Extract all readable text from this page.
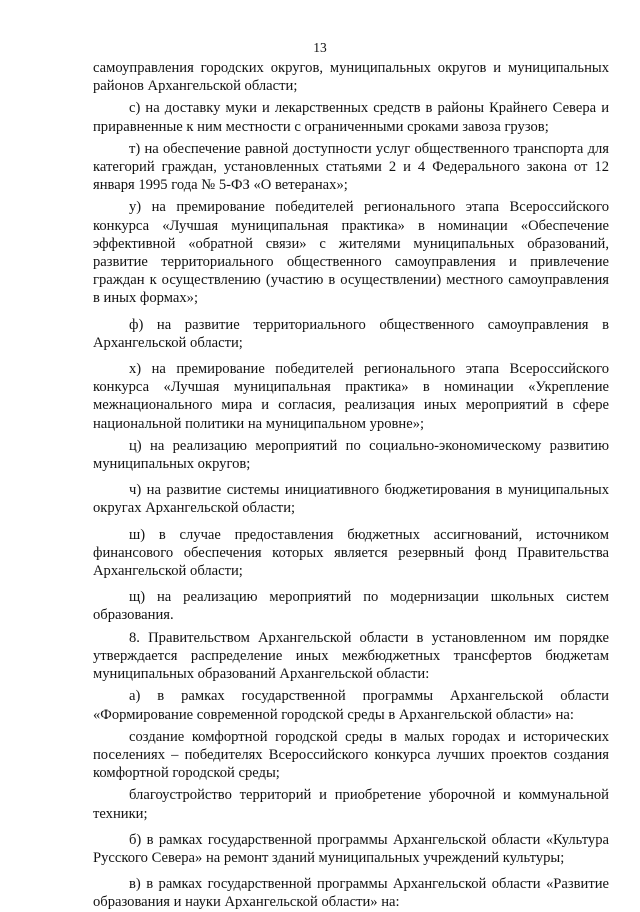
13

самоуправления городских округов, муниципальных округов и муниципальных районов Архангельской области;

с) на доставку муки и лекарственных средств в районы Крайнего Севера и приравненные к ним местности с ограниченными сроками завоза грузов;

т) на обеспечение равной доступности услуг общественного транспорта для категорий граждан, установленных статьями 2 и 4 Федерального закона от 12 января 1995 года № 5-ФЗ «О ветеранах»;

у) на премирование победителей регионального этапа Всероссийского конкурса «Лучшая муниципальная практика» в номинации «Обеспечение эффективной «обратной связи» с жителями муниципальных образований, развитие территориального общественного самоуправления и привлечение граждан к осуществлению (участию в осуществлении) местного самоуправления в иных формах»;

ф) на развитие территориального общественного самоуправления в Архангельской области;

х) на премирование победителей регионального этапа Всероссийского конкурса «Лучшая муниципальная практика» в номинации «Укрепление межнационального мира и согласия, реализация иных мероприятий в сфере национальной политики на муниципальном уровне»;

ц) на реализацию мероприятий по социально-экономическому развитию муниципальных округов;

ч) на развитие системы инициативного бюджетирования в муниципальных округах Архангельской области;

ш) в случае предоставления бюджетных ассигнований, источником финансового обеспечения которых является резервный фонд Правительства Архангельской области;

щ) на реализацию мероприятий по модернизации школьных систем образования.

8. Правительством Архангельской области в установленном им порядке утверждается распределение иных межбюджетных трансфертов бюджетам муниципальных образований Архангельской области:

а) в рамках государственной программы Архангельской области «Формирование современной городской среды в Архангельской области» на:

создание комфортной городской среды в малых городах и исторических поселениях – победителях Всероссийского конкурса лучших проектов создания комфортной городской среды;

благоустройство территорий и приобретение уборочной и коммунальной техники;

б) в рамках государственной программы Архангельской области «Культура Русского Севера» на ремонт зданий муниципальных учреждений культуры;

в) в рамках государственной программы Архангельской области «Развитие образования и науки Архангельской области» на:
